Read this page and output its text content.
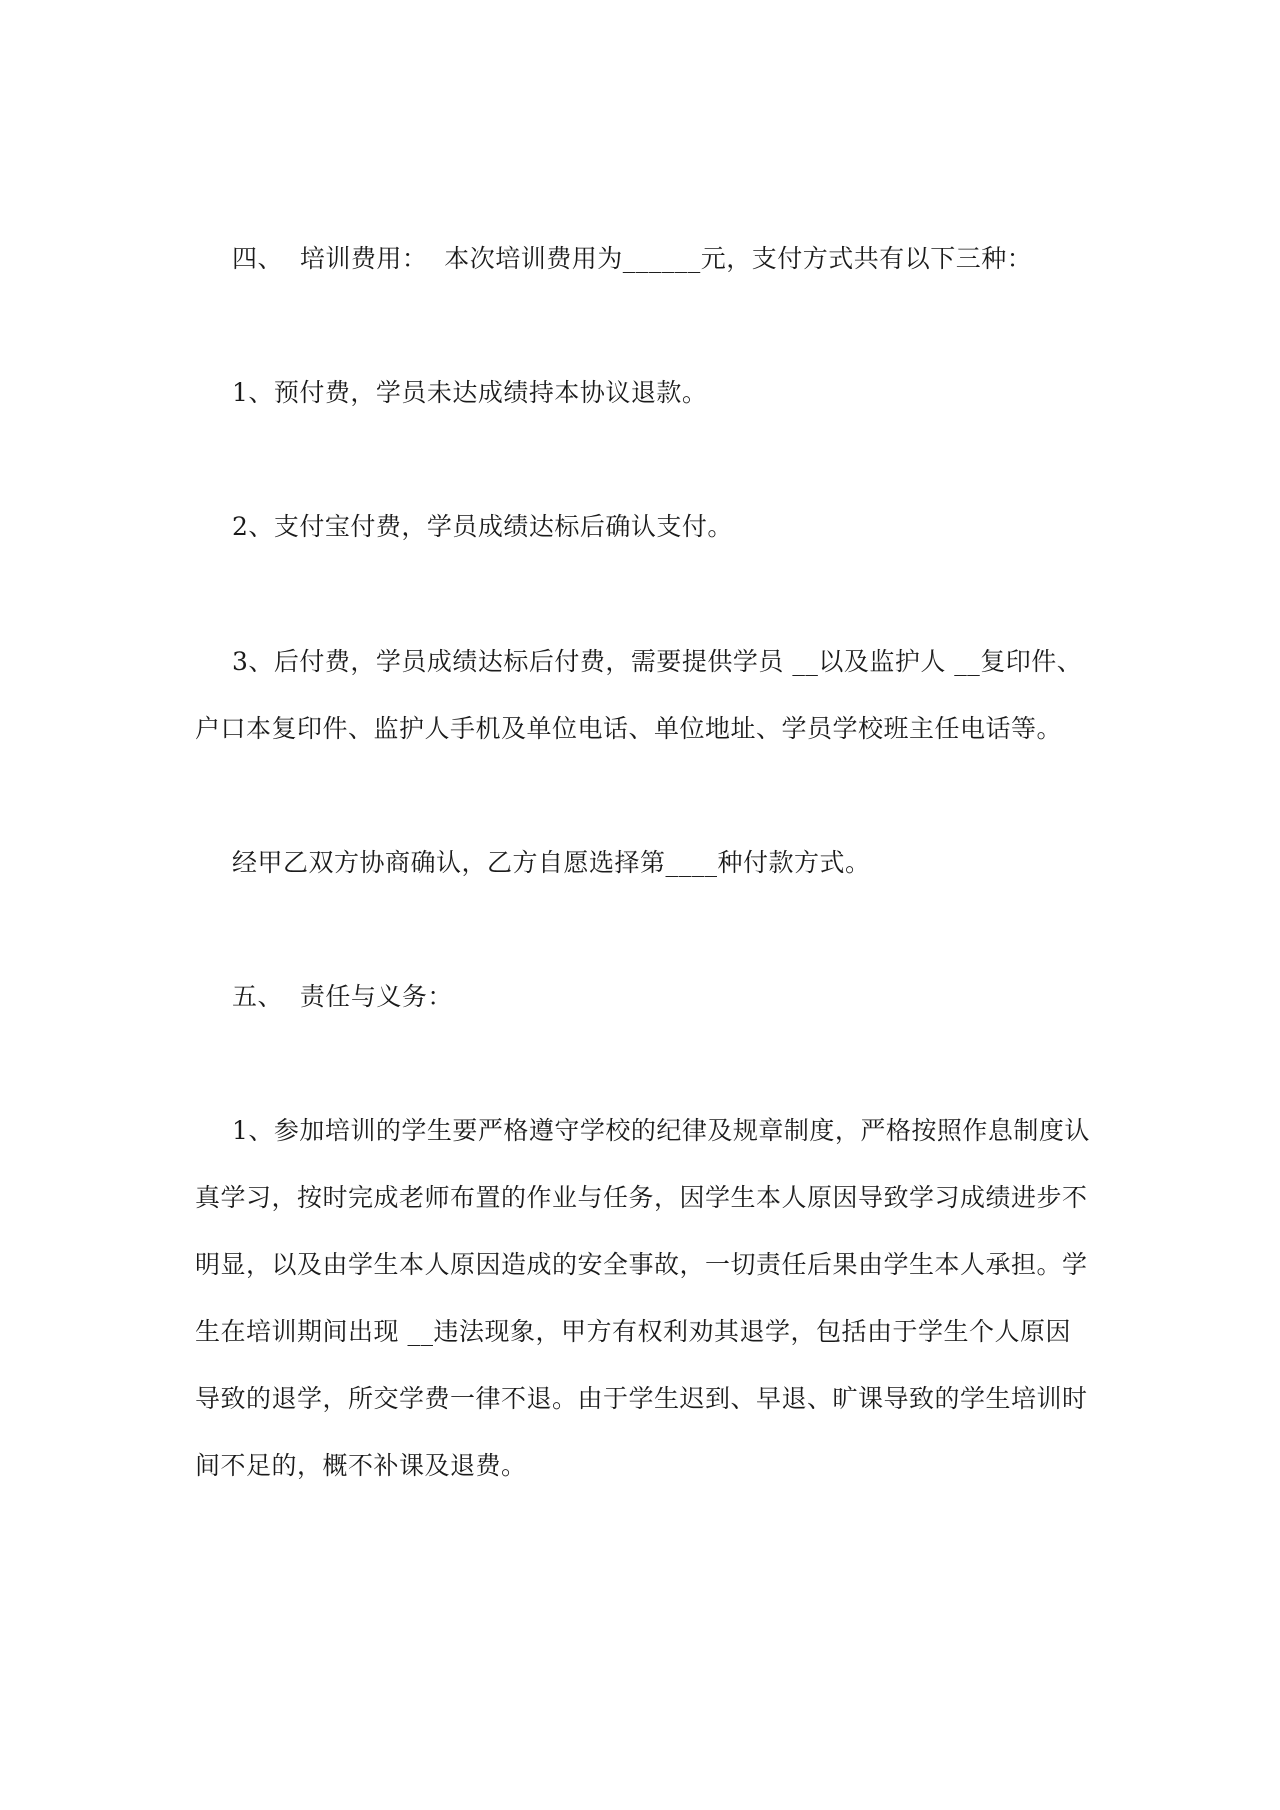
四、  培训费用：  本次培训费用为______元，支付方式共有以下三种：
1、预付费，学员未达成绩持本协议退款。
2、支付宝付费，学员成绩达标后确认支付。
3、后付费，学员成绩达标后付费，需要提供学员 __以及监护人 __复印件、
户口本复印件、监护人手机及单位电话、单位地址、学员学校班主任电话等。
经甲乙双方协商确认，乙方自愿选择第____种付款方式。
五、  责任与义务：
1、参加培训的学生要严格遵守学校的纪律及规章制度，严格按照作息制度认
真学习，按时完成老师布置的作业与任务，因学生本人原因导致学习成绩进步不
明显，以及由学生本人原因造成的安全事故，一切责任后果由学生本人承担。学
生在培训期间出现 __违法现象，甲方有权利劝其退学，包括由于学生个人原因
导致的退学，所交学费一律不退。由于学生迟到、早退、旷课导致的学生培训时
间不足的，概不补课及退费。
